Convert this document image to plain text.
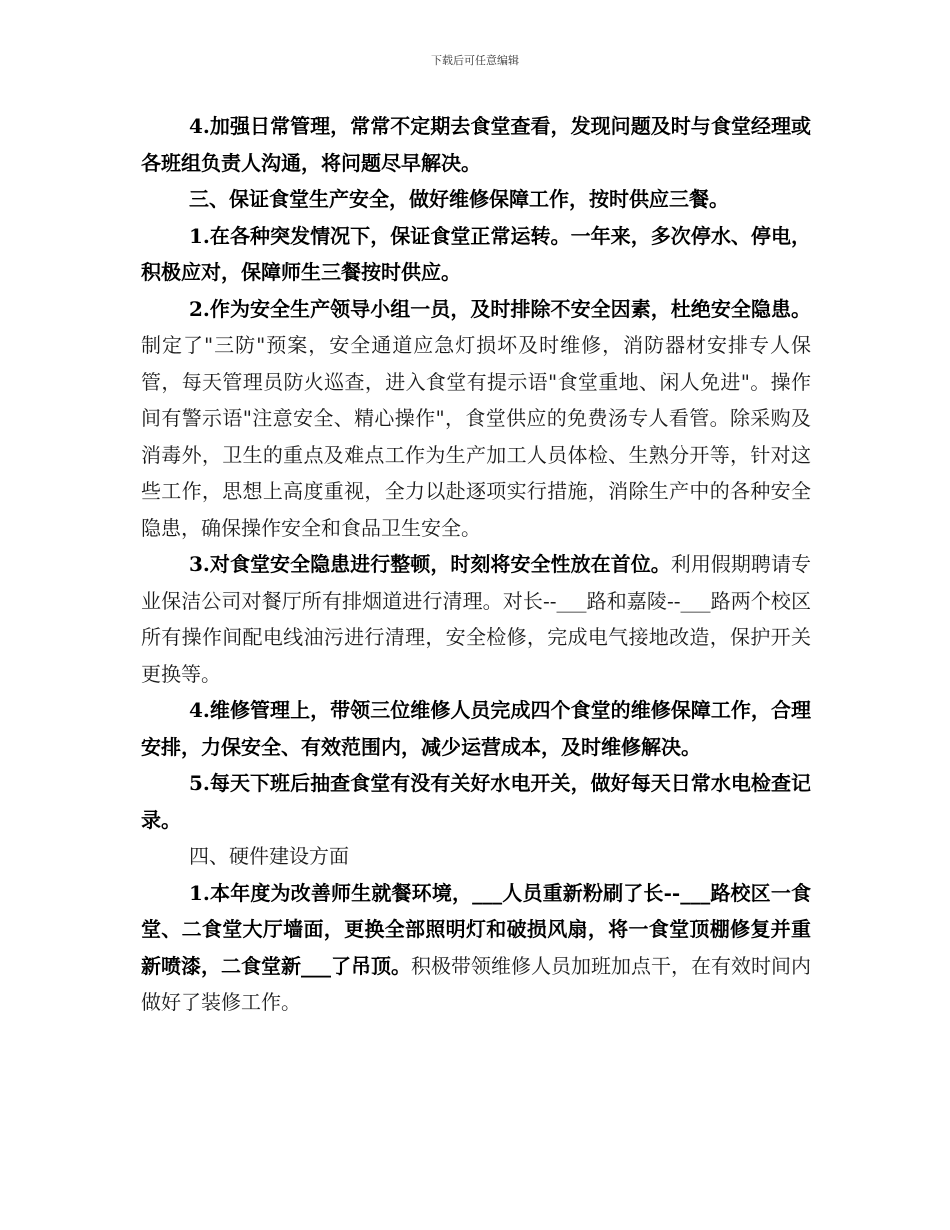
下载后可任意编辑

4.加强日常管理，常常不定期去食堂查看，发现问题及时与食堂经理或各班组负责人沟通，将问题尽早解决。

三、保证食堂生产安全，做好维修保障工作，按时供应三餐。

1.在各种突发情况下，保证食堂正常运转。一年来，多次停水、停电，积极应对，保障师生三餐按时供应。

2.作为安全生产领导小组一员，及时排除不安全因素，杜绝安全隐患。制定了"三防"预案，安全通道应急灯损坏及时维修，消防器材安排专人保管，每天管理员防火巡查，进入食堂有提示语"食堂重地、闲人免进"。操作间有警示语"注意安全、精心操作"，食堂供应的免费汤专人看管。除采购及消毒外，卫生的重点及难点工作为生产加工人员体检、生熟分开等，针对这些工作，思想上高度重视，全力以赴逐项实行措施，消除生产中的各种安全隐患，确保操作安全和食品卫生安全。

3.对食堂安全隐患进行整顿，时刻将安全性放在首位。利用假期聘请专业保洁公司对餐厅所有排烟道进行清理。对长--___路和嘉陵--___路两个校区所有操作间配电线油污进行清理，安全检修，完成电气接地改造，保护开关更换等。

4.维修管理上，带领三位维修人员完成四个食堂的维修保障工作，合理安排，力保安全、有效范围内，减少运营成本，及时维修解决。

5.每天下班后抽查食堂有没有关好水电开关，做好每天日常水电检查记录。

四、硬件建设方面

1.本年度为改善师生就餐环境，___人员重新粉刷了长--___路校区一食堂、二食堂大厅墙面，更换全部照明灯和破损风扇，将一食堂顶棚修复并重新喷漆，二食堂新___了吊顶。积极带领维修人员加班加点干，在有效时间内做好了装修工作。
